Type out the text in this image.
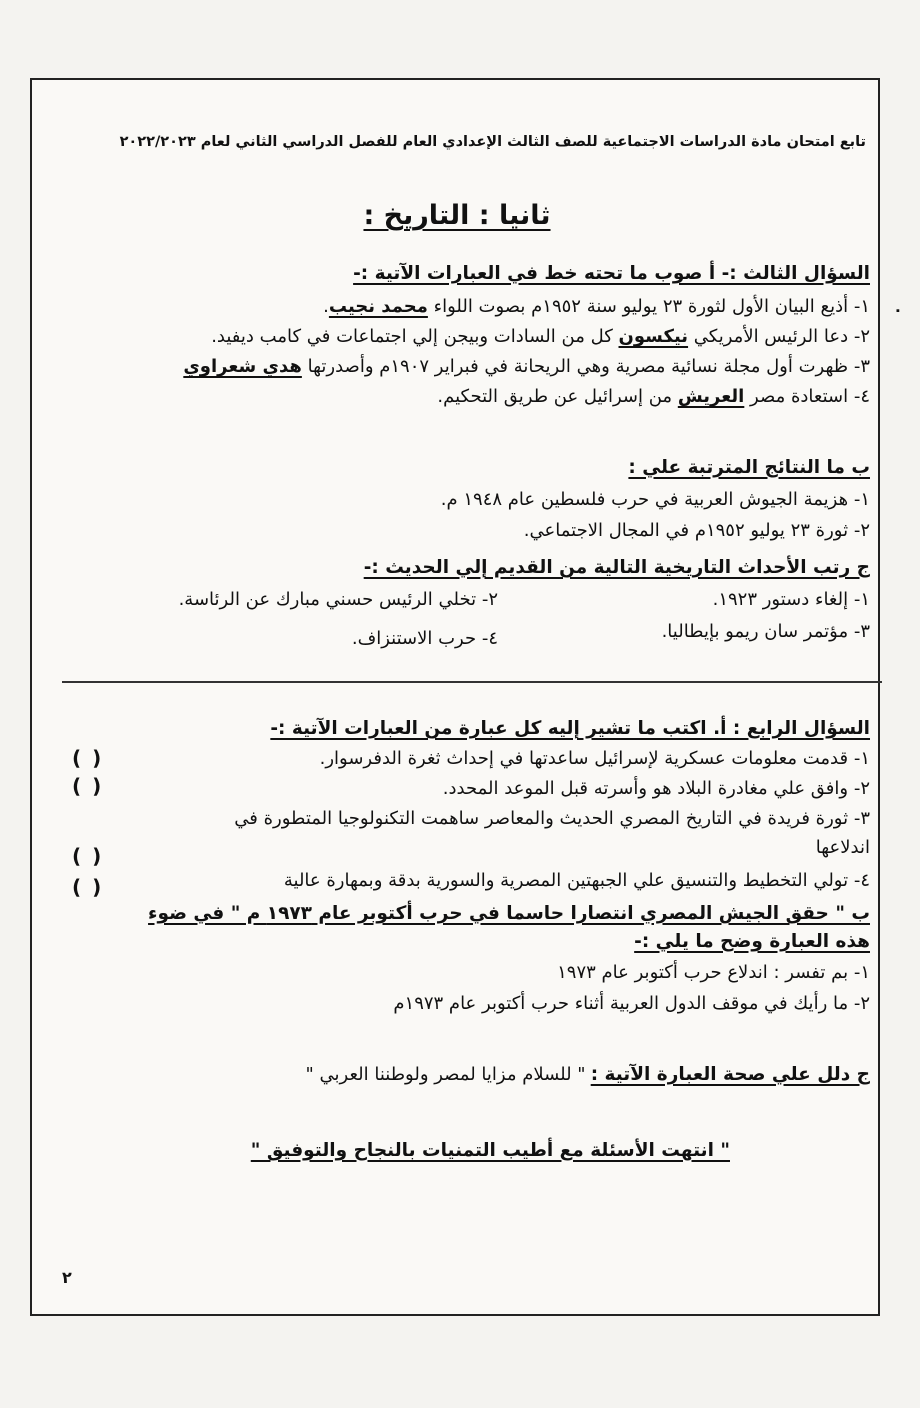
٠
تابع امتحان مادة الدراسات الاجتماعية للصف الثالث الإعدادي العام للفصل الدراسي الثاني لعام ٢٠٢٢/٢٠٢٣
ثانيا : التاريخ :
السؤال الثالث :- أ صوب ما تحته خط في العبارات الآتية :-
١- أذيع البيان الأول لثورة ٢٣ يوليو سنة ١٩٥٢م بصوت اللواء محمد نجيب.
٢- دعا الرئيس الأمريكي نيكسون كل من السادات وبيجن إلي اجتماعات في كامب ديفيد.
٣- ظهرت أول مجلة نسائية مصرية وهي الريحانة في فبراير ١٩٠٧م وأصدرتها هدي شعراوي
٤- استعادة مصر العريش من إسرائيل عن طريق التحكيم.
ب ما النتائج المترتبة علي :
١- هزيمة الجيوش العربية في حرب فلسطين عام ١٩٤٨ م.
٢- ثورة ٢٣ يوليو ١٩٥٢م في المجال الاجتماعي.
ج رتب الأحداث التاريخية التالية من القديم إلي الحديث :-
١- إلغاء دستور ١٩٢٣.
٢- تخلي الرئيس حسني مبارك عن الرئاسة.
٣- مؤتمر سان ريمو بإيطاليا.
٤- حرب الاستنزاف.
السؤال الرابع : أ. اكتب ما تشير إليه كل عبارة من العبارات الآتية :-
١- قدمت معلومات عسكرية لإسرائيل ساعدتها في إحداث ثغرة الدفرسوار.
( )
٢- وافق علي مغادرة البلاد هو وأسرته قبل الموعد المحدد.
( )
٣- ثورة فريدة في التاريخ المصري الحديث والمعاصر ساهمت التكنولوجيا المتطورة في
اندلاعها
( )
٤- تولي التخطيط والتنسيق علي الجبهتين المصرية والسورية بدقة وبمهارة عالية
( )
ب " حقق الجيش المصري انتصارا حاسما في حرب أكتوبر عام ١٩٧٣ م " في ضوء
هذه العبارة وضح ما يلي :-
١- بم تفسر : اندلاع حرب أكتوبر عام ١٩٧٣
٢- ما رأيك في موقف الدول العربية أثناء حرب أكتوبر عام ١٩٧٣م
ج دلل علي صحة العبارة الآتية : " للسلام مزايا لمصر ولوطننا العربي "
" انتهت الأسئلة مع أطيب التمنيات بالنجاح والتوفيق "
٢
